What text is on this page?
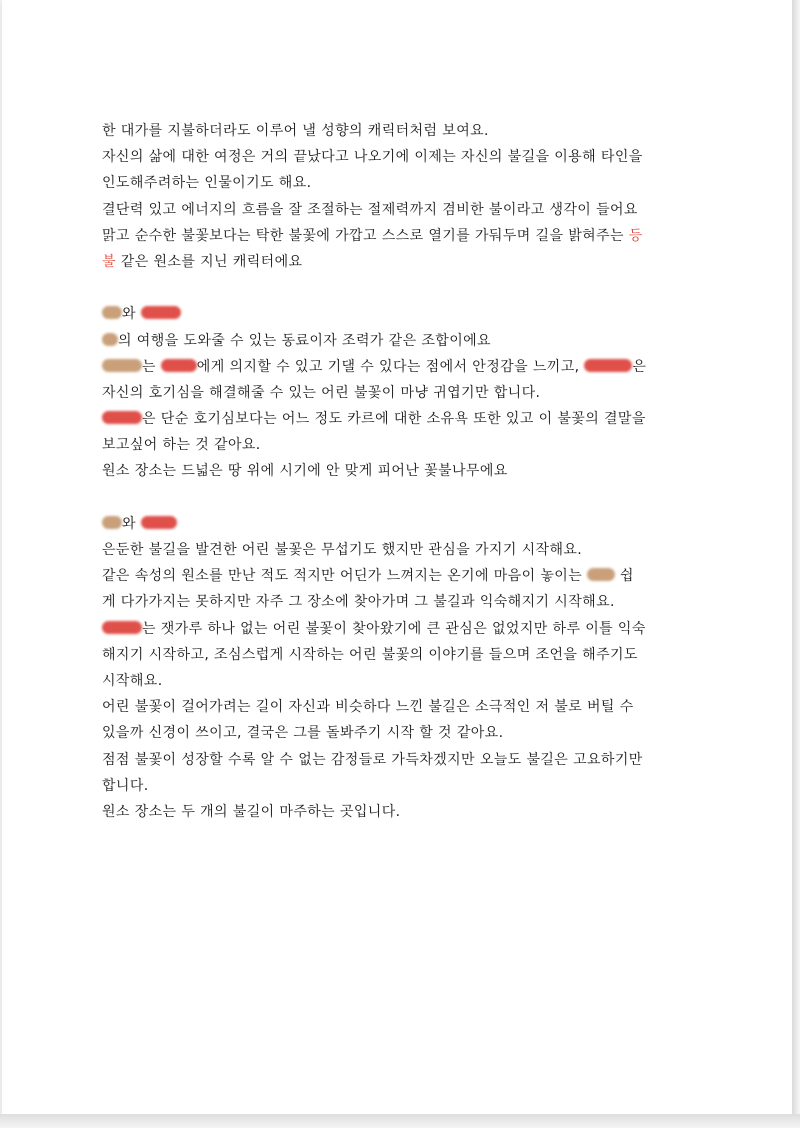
한 대가를 지불하더라도 이루어 낼 성향의 캐릭터처럼 보여요.
자신의 삶에 대한 여정은 거의 끝났다고 나오기에 이제는 자신의 불길을 이용해 타인을
인도해주려하는 인물이기도 해요.
결단력 있고 에너지의 흐름을 잘 조절하는 절제력까지 겸비한 불이라고 생각이 들어요
맑고 순수한 불꽃보다는 탁한 불꽃에 가깝고 스스로 열기를 가둬두며 길을 밝혀주는 등
불 같은 원소를 지닌 캐릭터에요
와
의 여행을 도와줄 수 있는 동료이자 조력가 같은 조합이에요
는	에게 의지할 수 있고 기댈 수 있다는 점에서 안정감을 느끼고,	은
자신의 호기심을 해결해줄 수 있는 어린 불꽃이 마냥 귀엽기만 합니다.
은 단순 호기심보다는 어느 정도 카르에 대한 소유욕 또한 있고 이 불꽃의 결말을
보고싶어 하는 것 같아요.
원소 장소는 드넓은 땅 위에 시기에 안 맞게 피어난 꽃불나무에요
와
은둔한 불길을 발견한 어린 불꽃은 무섭기도 했지만 관심을 가지기 시작해요.
같은 속성의 원소를 만난 적도 적지만 어딘가 느껴지는 온기에 마음이 놓이는	쉽
게 다가가지는 못하지만 자주 그 장소에 찾아가며 그 불길과 익숙해지기 시작해요.
는 잿가루 하나 없는 어린 불꽃이 찾아왔기에 큰 관심은 없었지만 하루 이틀 익숙
해지기 시작하고, 조심스럽게 시작하는 어린 불꽃의 이야기를 들으며 조언을 해주기도
시작해요.
어린 불꽃이 걸어가려는 길이 자신과 비슷하다 느낀 불길은 소극적인 저 불로 버틸 수
있을까 신경이 쓰이고, 결국은 그를 돌봐주기 시작 할 것 같아요.
점점 불꽃이 성장할 수록 알 수 없는 감정들로 가득차겠지만 오늘도 불길은 고요하기만
합니다.
원소 장소는 두 개의 불길이 마주하는 곳입니다.
